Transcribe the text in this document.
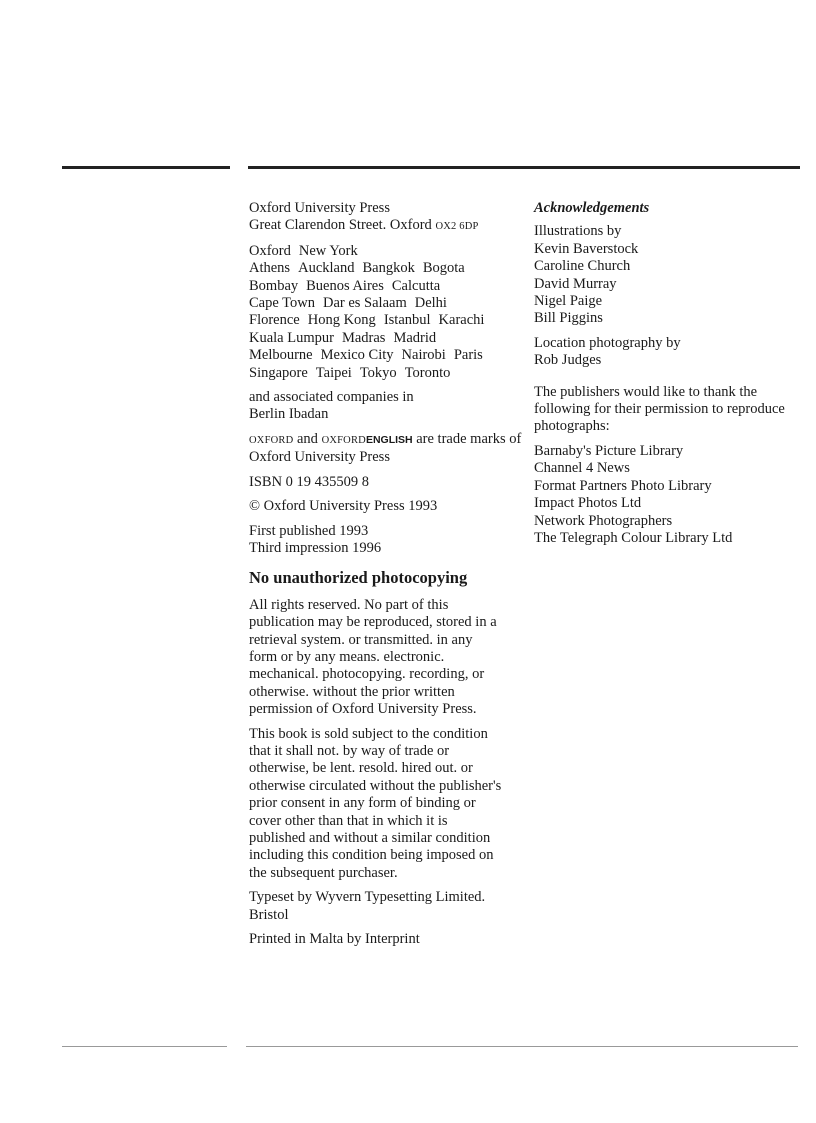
Oxford University Press
Great Clarendon Street. Oxford OX2 6DP
Oxford New York
Athens Auckland Bangkok Bogota
Bombay Buenos Aires Calcutta
Cape Town Dar es Salaam Delhi
Florence Hong Kong Istanbul Karachi
Kuala Lumpur Madras Madrid
Melbourne Mexico City Nairobi Paris
Singapore Taipei Tokyo Toronto
and associated companies in
Berlin Ibadan
OXFORD and OXFORDENGLISH are trade marks of
Oxford University Press
ISBN 0 19 435509 8
© Oxford University Press 1993
First published 1993
Third impression 1996
No unauthorized photocopying
All rights reserved. No part of this
publication may be reproduced, stored in a
retrieval system. or transmitted. in any
form or by any means. electronic.
mechanical. photocopying. recording, or
otherwise. without the prior written
permission of Oxford University Press.
This book is sold subject to the condition
that it shall not. by way of trade or
otherwise, be lent. resold. hired out. or
otherwise circulated without the publisher's
prior consent in any form of binding or
cover other than that in which it is
published and without a similar condition
including this condition being imposed on
the subsequent purchaser.
Typeset by Wyvern Typesetting Limited.
Bristol
Printed in Malta by Interprint
Acknowledgements
Illustrations by
Kevin Baverstock
Caroline Church
David Murray
Nigel Paige
Bill Piggins
Location photography by
Rob Judges
The publishers would like to thank the
following for their permission to reproduce
photographs:
Barnaby's Picture Library
Channel 4 News
Format Partners Photo Library
Impact Photos Ltd
Network Photographers
The Telegraph Colour Library Ltd
